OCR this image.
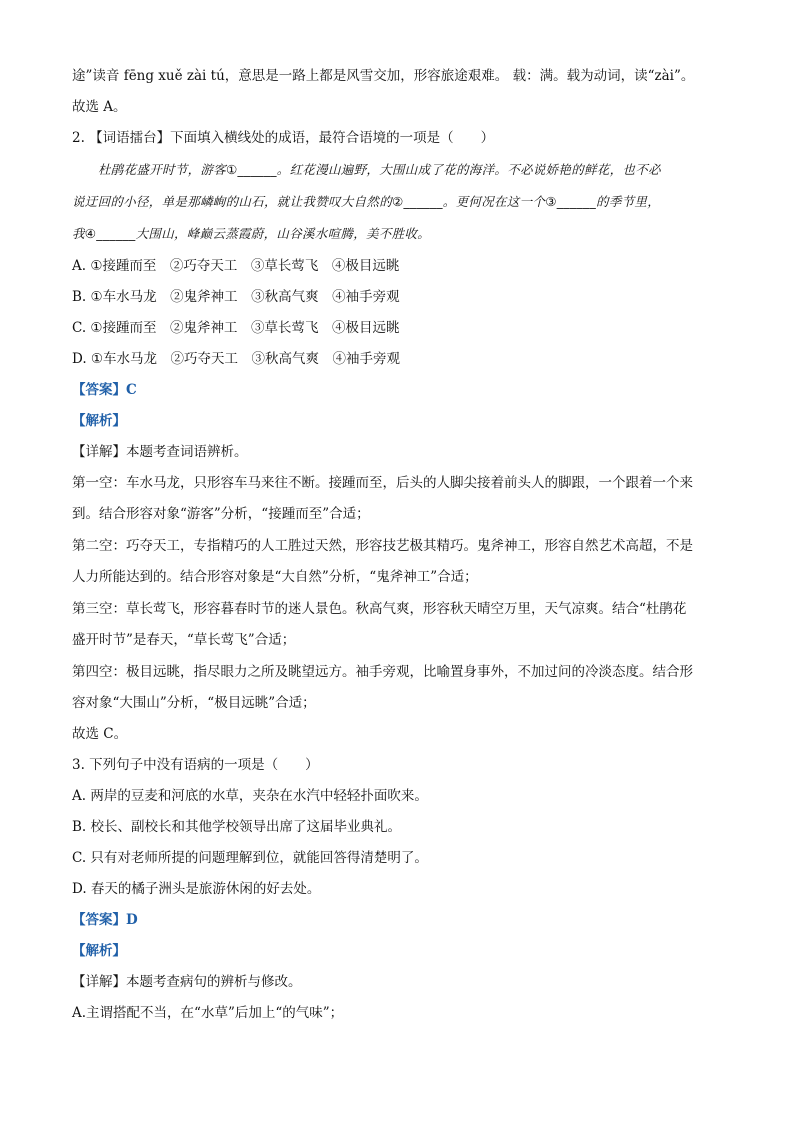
途”读音 fēng xuě zài tú，意思是一路上都是风雪交加，形容旅途艰难。 载：满。载为动词，读“zài”。
故选 A。
2. 【词语擂台】下面填入横线处的成语，最符合语境的一项是（　　）
杜鹃花盛开时节，游客①______。红花漫山遍野，大围山成了花的海洋。不必说娇艳的鲜花，也不必
说迂回的小径，单是那嶙峋的山石，就让我赞叹大自然的②______。更何况在这一个③______的季节里，
我④______大围山，峰巅云蒸霞蔚，山谷溪水喧腾，美不胜收。
A. ①接踵而至　②巧夺天工　③草长莺飞　④极目远眺
B. ①车水马龙　②鬼斧神工　③秋高气爽　④袖手旁观
C. ①接踵而至　②鬼斧神工　③草长莺飞　④极目远眺
D. ①车水马龙　②巧夺天工　③秋高气爽　④袖手旁观
【答案】C
【解析】
【详解】本题考查词语辨析。
第一空：车水马龙，只形容车马来往不断。接踵而至，后头的人脚尖接着前头人的脚跟，一个跟着一个来
到。结合形容对象“游客”分析，“接踵而至”合适；
第二空：巧夺天工，专指精巧的人工胜过天然，形容技艺极其精巧。鬼斧神工，形容自然艺术高超，不是
人力所能达到的。结合形容对象是“大自然”分析，“鬼斧神工”合适；
第三空：草长莺飞，形容暮春时节的迷人景色。秋高气爽，形容秋天晴空万里，天气凉爽。结合“杜鹃花
盛开时节”是春天，“草长莺飞”合适；
第四空：极目远眺，指尽眼力之所及眺望远方。袖手旁观，比喻置身事外，不加过问的冷淡态度。结合形
容对象“大围山”分析，“极目远眺”合适；
故选 C。
3. 下列句子中没有语病的一项是（　　）
A. 两岸的豆麦和河底的水草，夹杂在水汽中轻轻扑面吹来。
B. 校长、副校长和其他学校领导出席了这届毕业典礼。
C. 只有对老师所提的问题理解到位，就能回答得清楚明了。
D. 春天的橘子洲头是旅游休闲的好去处。
【答案】D
【解析】
【详解】本题考查病句的辨析与修改。
A.主谓搭配不当，在“水草”后加上“的气味”；
